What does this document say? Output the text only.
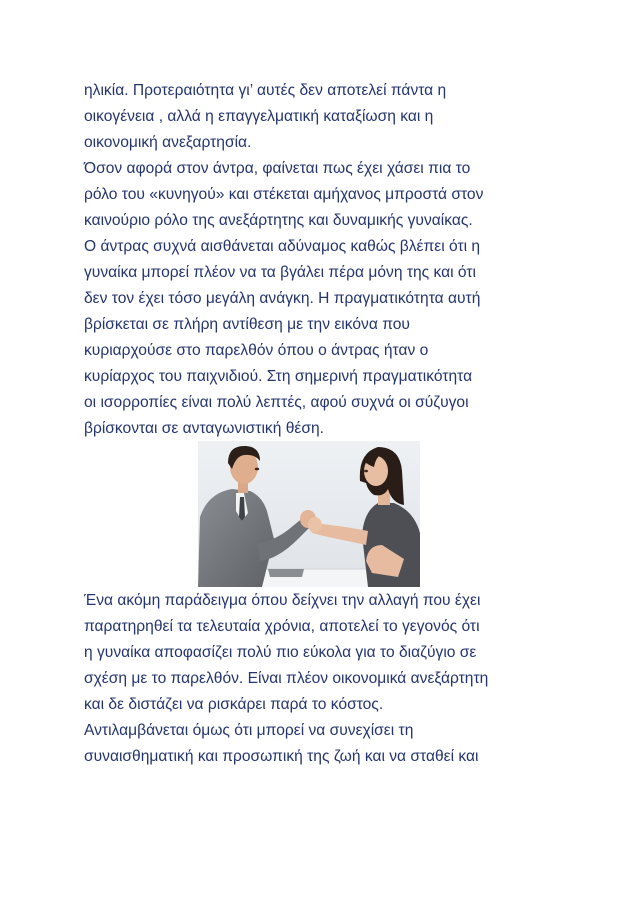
ηλικία. Προτεραιότητα γι’ αυτές δεν αποτελεί πάντα η
οικογένεια , αλλά η επαγγελματική καταξίωση και η
οικονομική ανεξαρτησία.
Όσον αφορά στον άντρα, φαίνεται πως έχει χάσει πια το
ρόλο του «κυνηγού» και στέκεται αμήχανος μπροστά στον
καινούριο ρόλο της ανεξάρτητης και δυναμικής γυναίκας.
Ο άντρας συχνά αισθάνεται αδύναμος καθώς βλέπει ότι η
γυναίκα μπορεί πλέον να τα βγάλει πέρα μόνη της και ότι
δεν τον έχει τόσο μεγάλη ανάγκη. Η πραγματικότητα αυτή
βρίσκεται σε πλήρη αντίθεση με την εικόνα που
κυριαρχούσε στο παρελθόν όπου ο άντρας ήταν ο
κυρίαρχος του παιχνιδιού. Στη σημερινή πραγματικότητα
οι ισορροπίες είναι πολύ λεπτές, αφού συχνά οι σύζυγοι
βρίσκονται σε ανταγωνιστική θέση.
Ένα ακόμη παράδειγμα όπου δείχνει την αλλαγή που έχει
παρατηρηθεί τα τελευταία χρόνια, αποτελεί το γεγονός ότι
η γυναίκα αποφασίζει πολύ πιο εύκολα για το διαζύγιο σε
σχέση με το παρελθόν. Είναι πλέον οικονομικά ανεξάρτητη
και δε διστάζει να ρισκάρει παρά το κόστος.
Αντιλαμβάνεται όμως ότι μπορεί να συνεχίσει τη
συναισθηματική και προσωπική της ζωή και να σταθεί και
